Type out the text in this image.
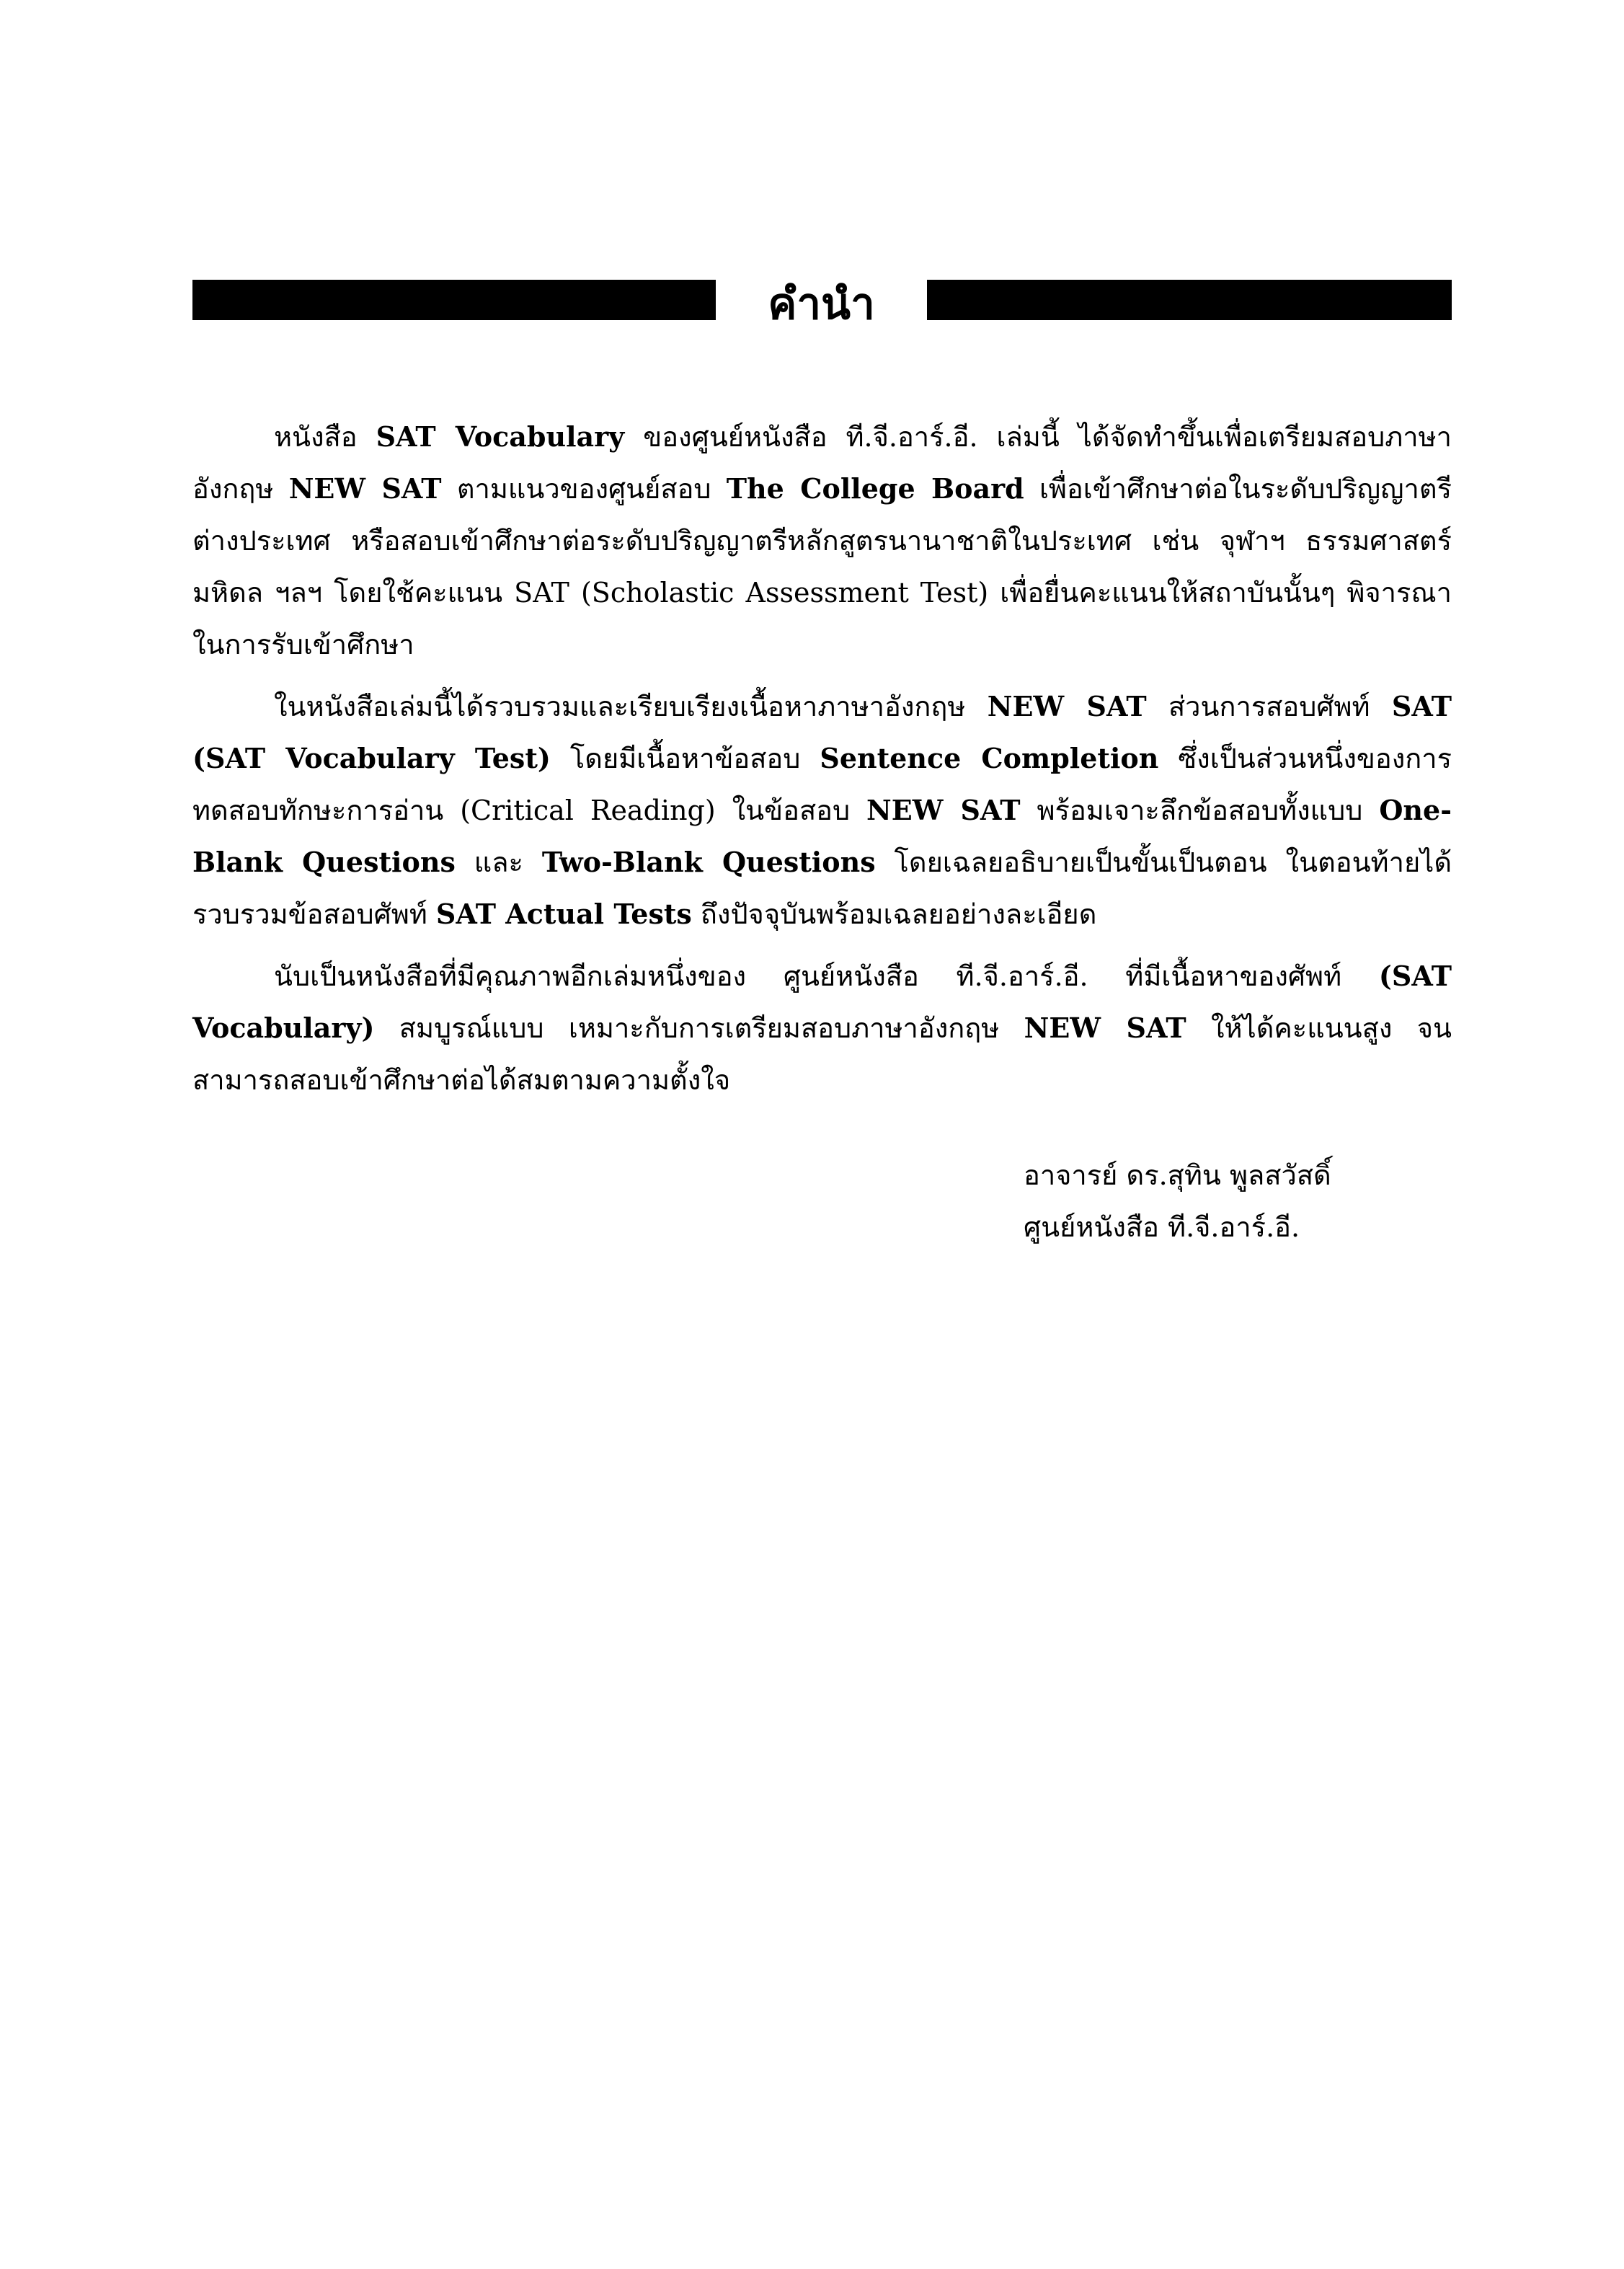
คำนำ

หนังสือ SAT Vocabulary ของศูนย์หนังสือ ที.จี.อาร์.อี. เล่มนี้ ได้จัดทำขึ้นเพื่อเตรียมสอบภาษาอังกฤษ NEW SAT ตามแนวของศูนย์สอบ The College Board เพื่อเข้าศึกษาต่อในระดับปริญญาตรีต่างประเทศ หรือสอบเข้าศึกษาต่อระดับปริญญาตรีหลักสูตรนานาชาติในประเทศ เช่น จุฬาฯ ธรรมศาสตร์ มหิดล ฯลฯ โดยใช้คะแนน SAT (Scholastic Assessment Test) เพื่อยื่นคะแนนให้สถาบันนั้นๆ พิจารณาในการรับเข้าศึกษา

ในหนังสือเล่มนี้ได้รวบรวมและเรียบเรียงเนื้อหาภาษาอังกฤษ NEW SAT ส่วนการสอบศัพท์ SAT (SAT Vocabulary Test) โดยมีเนื้อหาข้อสอบ Sentence Completion ซึ่งเป็นส่วนหนึ่งของการทดสอบทักษะการอ่าน (Critical Reading) ในข้อสอบ NEW SAT พร้อมเจาะลึกข้อสอบทั้งแบบ One-Blank Questions และ Two-Blank Questions โดยเฉลยอธิบายเป็นขั้นเป็นตอน ในตอนท้ายได้รวบรวมข้อสอบศัพท์ SAT Actual Tests ถึงปัจจุบันพร้อมเฉลยอย่างละเอียด

นับเป็นหนังสือที่มีคุณภาพอีกเล่มหนึ่งของ ศูนย์หนังสือ ที.จี.อาร์.อี. ที่มีเนื้อหาของศัพท์ (SAT Vocabulary) สมบูรณ์แบบ เหมาะกับการเตรียมสอบภาษาอังกฤษ NEW SAT ให้ได้คะแนนสูง จนสามารถสอบเข้าศึกษาต่อได้สมตามความตั้งใจ

อาจารย์ ดร.สุทิน พูลสวัสดิ์
ศูนย์หนังสือ ที.จี.อาร์.อี.
